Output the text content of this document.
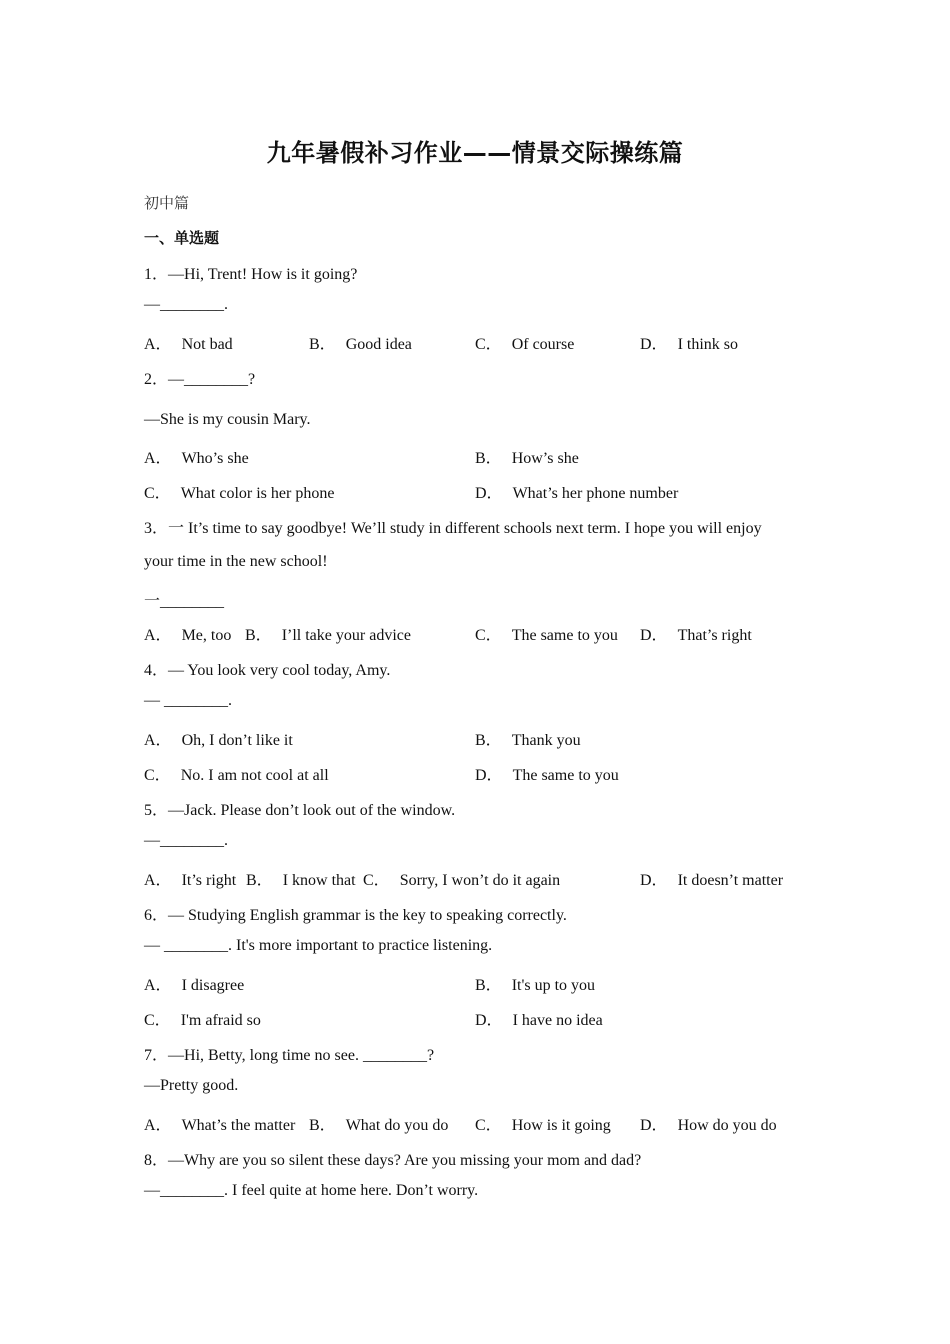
九年暑假补习作业——情景交际操练篇
初中篇
一、单选题
1．—Hi, Trent! How is it going?
—________.
A． Not bad	B． Good idea	C． Of course	D． I think so
2．—________?
—She is my cousin Mary.
A． Who’s she	B． How’s she
C． What color is her phone	D． What’s her phone number
3．一 It’s time to say goodbye! We’ll study in different schools next term. I hope you will enjoy
your time in the new school!
一________
A． Me, too B． I’ll take your advice	C． The same to you D． That’s right
4．— You look very cool today, Amy.
— ________.
A． Oh, I don’t like it	B． Thank you
C． No. I am not cool at all	D． The same to you
5．—Jack. Please don’t look out of the window.
—________.
A． It’s right B． I know that C． Sorry, I won’t do it again	D． It doesn’t matter
6．— Studying English grammar is the key to speaking correctly.
— ________. It's more important to practice listening.
A． I disagree	B． It's up to you
C． I'm afraid so	D． I have no idea
7．—Hi, Betty, long time no see. ________?
—Pretty good.
A． What’s the matter B． What do you do C． How is it going D． How do you do
8．—Why are you so silent these days? Are you missing your mom and dad?
—________. I feel quite at home here. Don’t worry.
